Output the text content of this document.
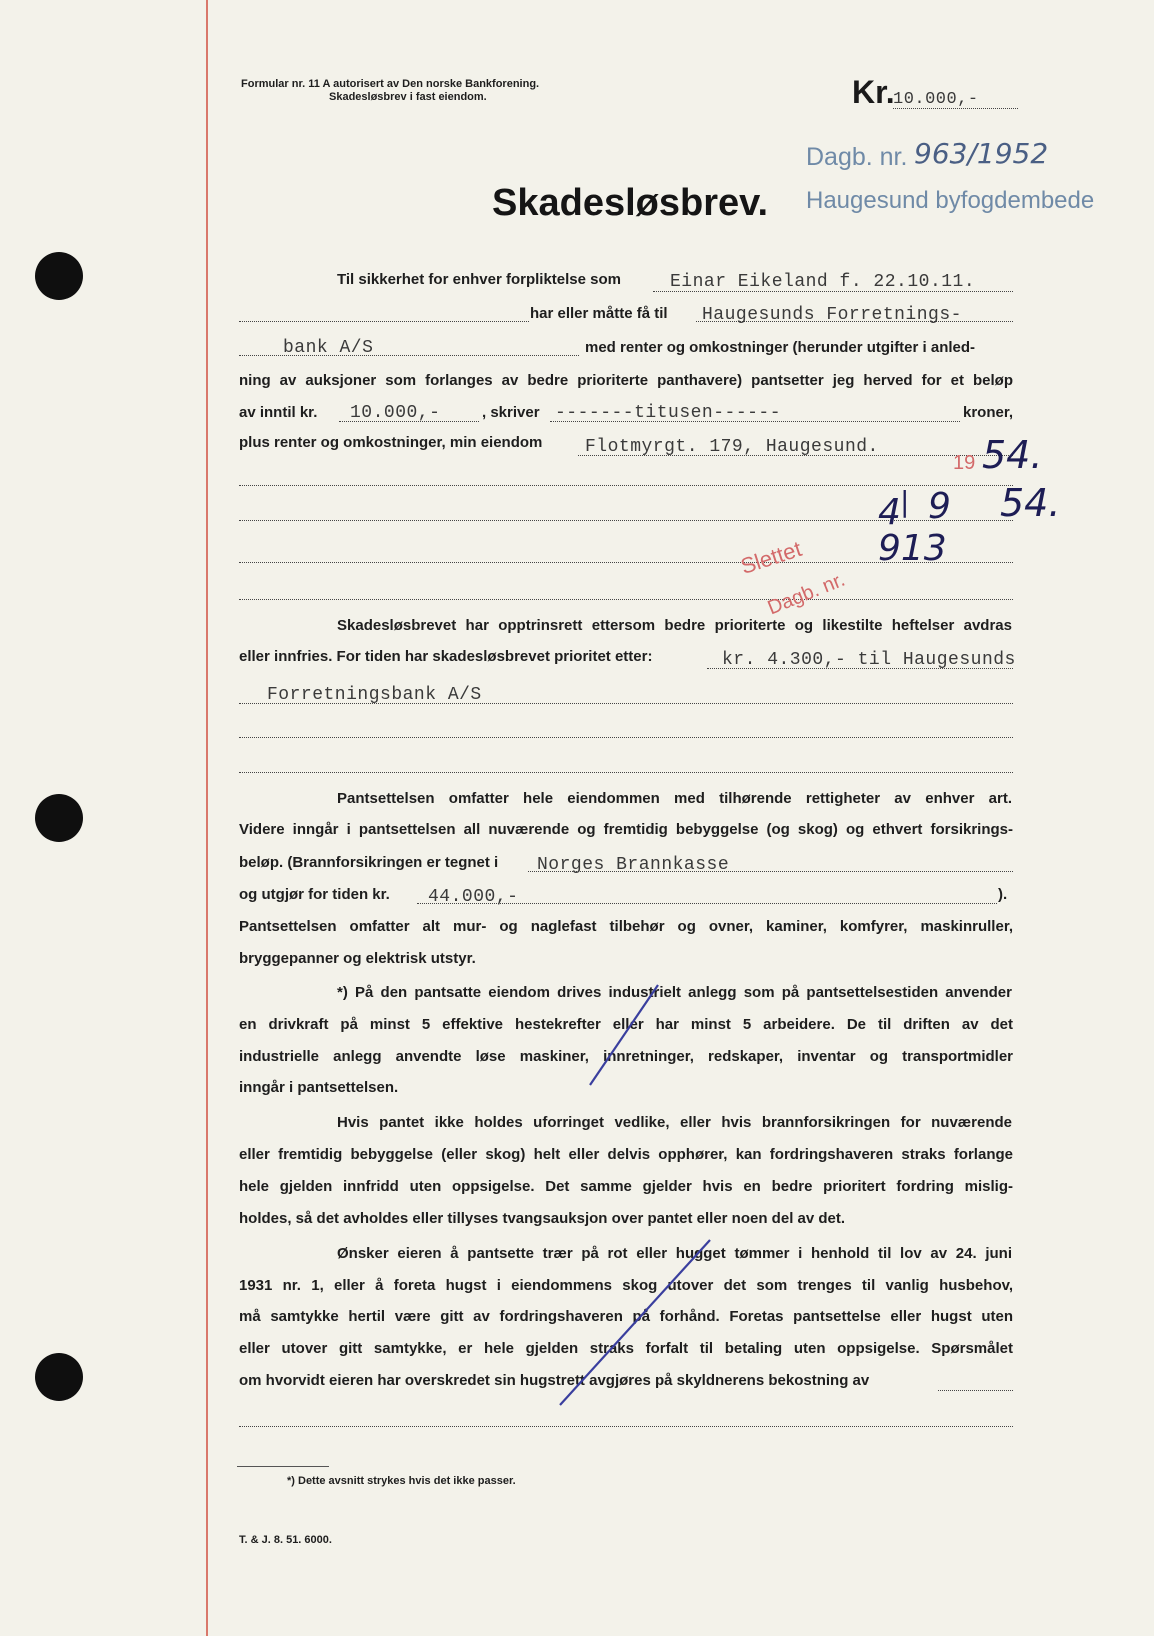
Formular nr. 11 A autorisert av Den norske Bankforening.
Skadesløsbrev i fast eiendom.	Kr.
10.000,-
Dagb. nr. 963/1952
Haugesund byfogdembede
Skadesløsbrev.
Til sikkerhet for enhver forpliktelse som	Einar Eikeland f. 22.10.11.
har eller måtte få til Haugesunds Forretnings-
bank A/S	med renter og omkostninger (herunder utgifter i anled-
ning av auksjoner som forlanges av bedre prioriterte panthavere) pantsetter jeg herved for et beløp
av inntil kr. 10.000,-	, skriver -------titusen------	kroner,
plus renter og omkostninger, min eiendom Flotmyrgt. 179, Haugesund.
Slettet
Dagb. nr.
4 | 9
19 54.
54.
913
Skadesløsbrevet har opptrinsrett ettersom bedre prioriterte og likestilte heftelser avdras
eller innfries. For tiden har skadesløsbrevet prioritet etter:	kr. 4.300,- til Haugesunds
Forretningsbank A/S
Pantsettelsen omfatter hele eiendommen med tilhørende rettigheter av enhver art.
Videre inngår i pantsettelsen all nuværende og fremtidig bebyggelse (og skog) og ethvert forsikrings-
beløp. (Brannforsikringen er tegnet i Norges Brannkasse
og utgjør for tiden kr. 44.000,-	).
Pantsettelsen omfatter alt mur- og naglefast tilbehør og ovner, kaminer, komfyrer, maskinruller,
bryggepanner og elektrisk utstyr.
*) På den pantsatte eiendom drives industrielt anlegg som på pantsettelsestiden anvender
en drivkraft på minst 5 effektive hestekrefter eller har minst 5 arbeidere. De til driften av det
industrielle anlegg anvendte løse maskiner, innretninger, redskaper, inventar og transportmidler
inngår i pantsettelsen.
Hvis pantet ikke holdes uforringet vedlike, eller hvis brannforsikringen for nuværende
eller fremtidig bebyggelse (eller skog) helt eller delvis opphører, kan fordringshaveren straks forlange
hele gjelden innfridd uten oppsigelse. Det samme gjelder hvis en bedre prioritert fordring mislig-
holdes, så det avholdes eller tillyses tvangsauksjon over pantet eller noen del av det.
Ønsker eieren å pantsette trær på rot eller hugget tømmer i henhold til lov av 24. juni
1931 nr. 1, eller å foreta hugst i eiendommens skog utover det som trenges til vanlig husbehov,
må samtykke hertil være gitt av fordringshaveren på forhånd. Foretas pantsettelse eller hugst uten
eller utover gitt samtykke, er hele gjelden straks forfalt til betaling uten oppsigelse. Spørsmålet
om hvorvidt eieren har overskredet sin hugstrett avgjøres på skyldnerens bekostning av
*) Dette avsnitt strykes hvis det ikke passer.
T. & J. 8. 51. 6000.
